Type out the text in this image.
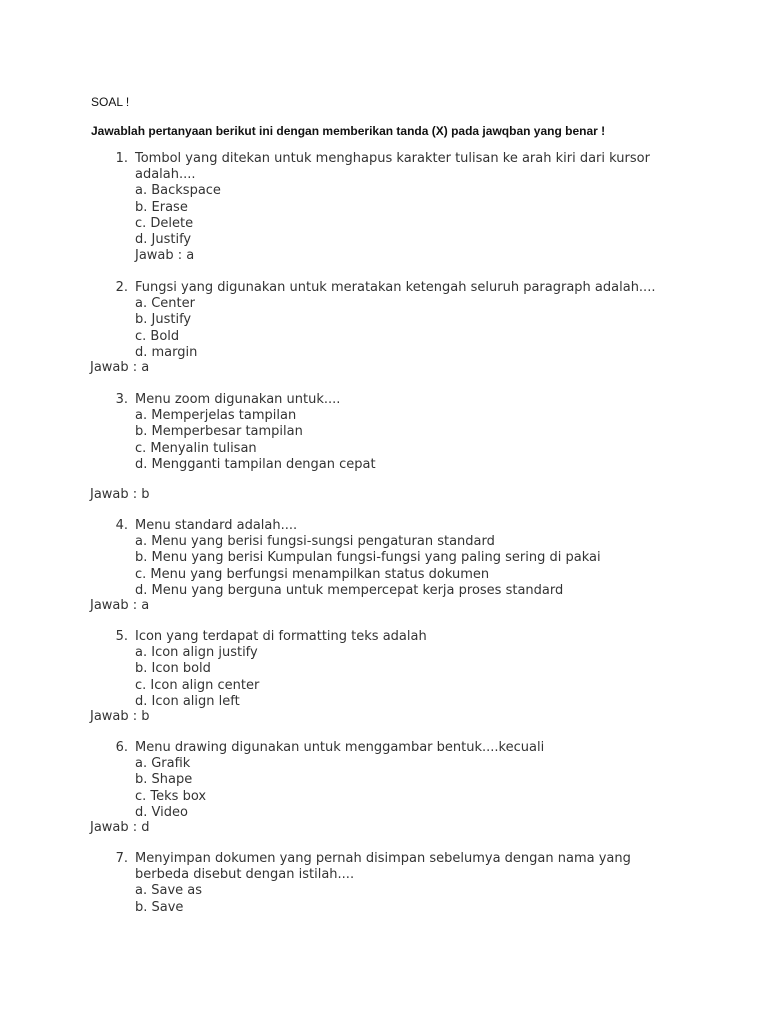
SOAL !
Jawablah pertanyaan berikut ini dengan memberikan tanda (X) pada jawqban yang benar !
1. Tombol yang ditekan untuk menghapus karakter tulisan ke arah kiri dari kursor adalah....
a. Backspace
b. Erase
c. Delete
d. Justify
Jawab : a
2. Fungsi yang digunakan untuk meratakan ketengah seluruh paragraph adalah....
a. Center
b. Justify
c. Bold
d. margin
Jawab : a
3. Menu zoom digunakan untuk....
a. Memperjelas tampilan
b. Memperbesar tampilan
c. Menyalin tulisan
d. Mengganti tampilan dengan cepat
Jawab : b
4. Menu standard adalah....
a. Menu yang berisi fungsi-sungsi pengaturan standard
b. Menu yang berisi Kumpulan fungsi-fungsi yang paling sering di pakai
c. Menu yang berfungsi menampilkan status dokumen
d. Menu yang berguna untuk mempercepat kerja proses standard
Jawab : a
5. Icon yang terdapat di formatting teks adalah
a. Icon align justify
b. Icon bold
c. Icon align center
d. Icon align left
Jawab : b
6. Menu drawing digunakan untuk menggambar bentuk....kecuali
a. Grafik
b. Shape
c. Teks box
d. Video
Jawab : d
7. Menyimpan dokumen yang pernah disimpan sebelumya dengan nama yang berbeda disebut dengan istilah....
a. Save as
b. Save
